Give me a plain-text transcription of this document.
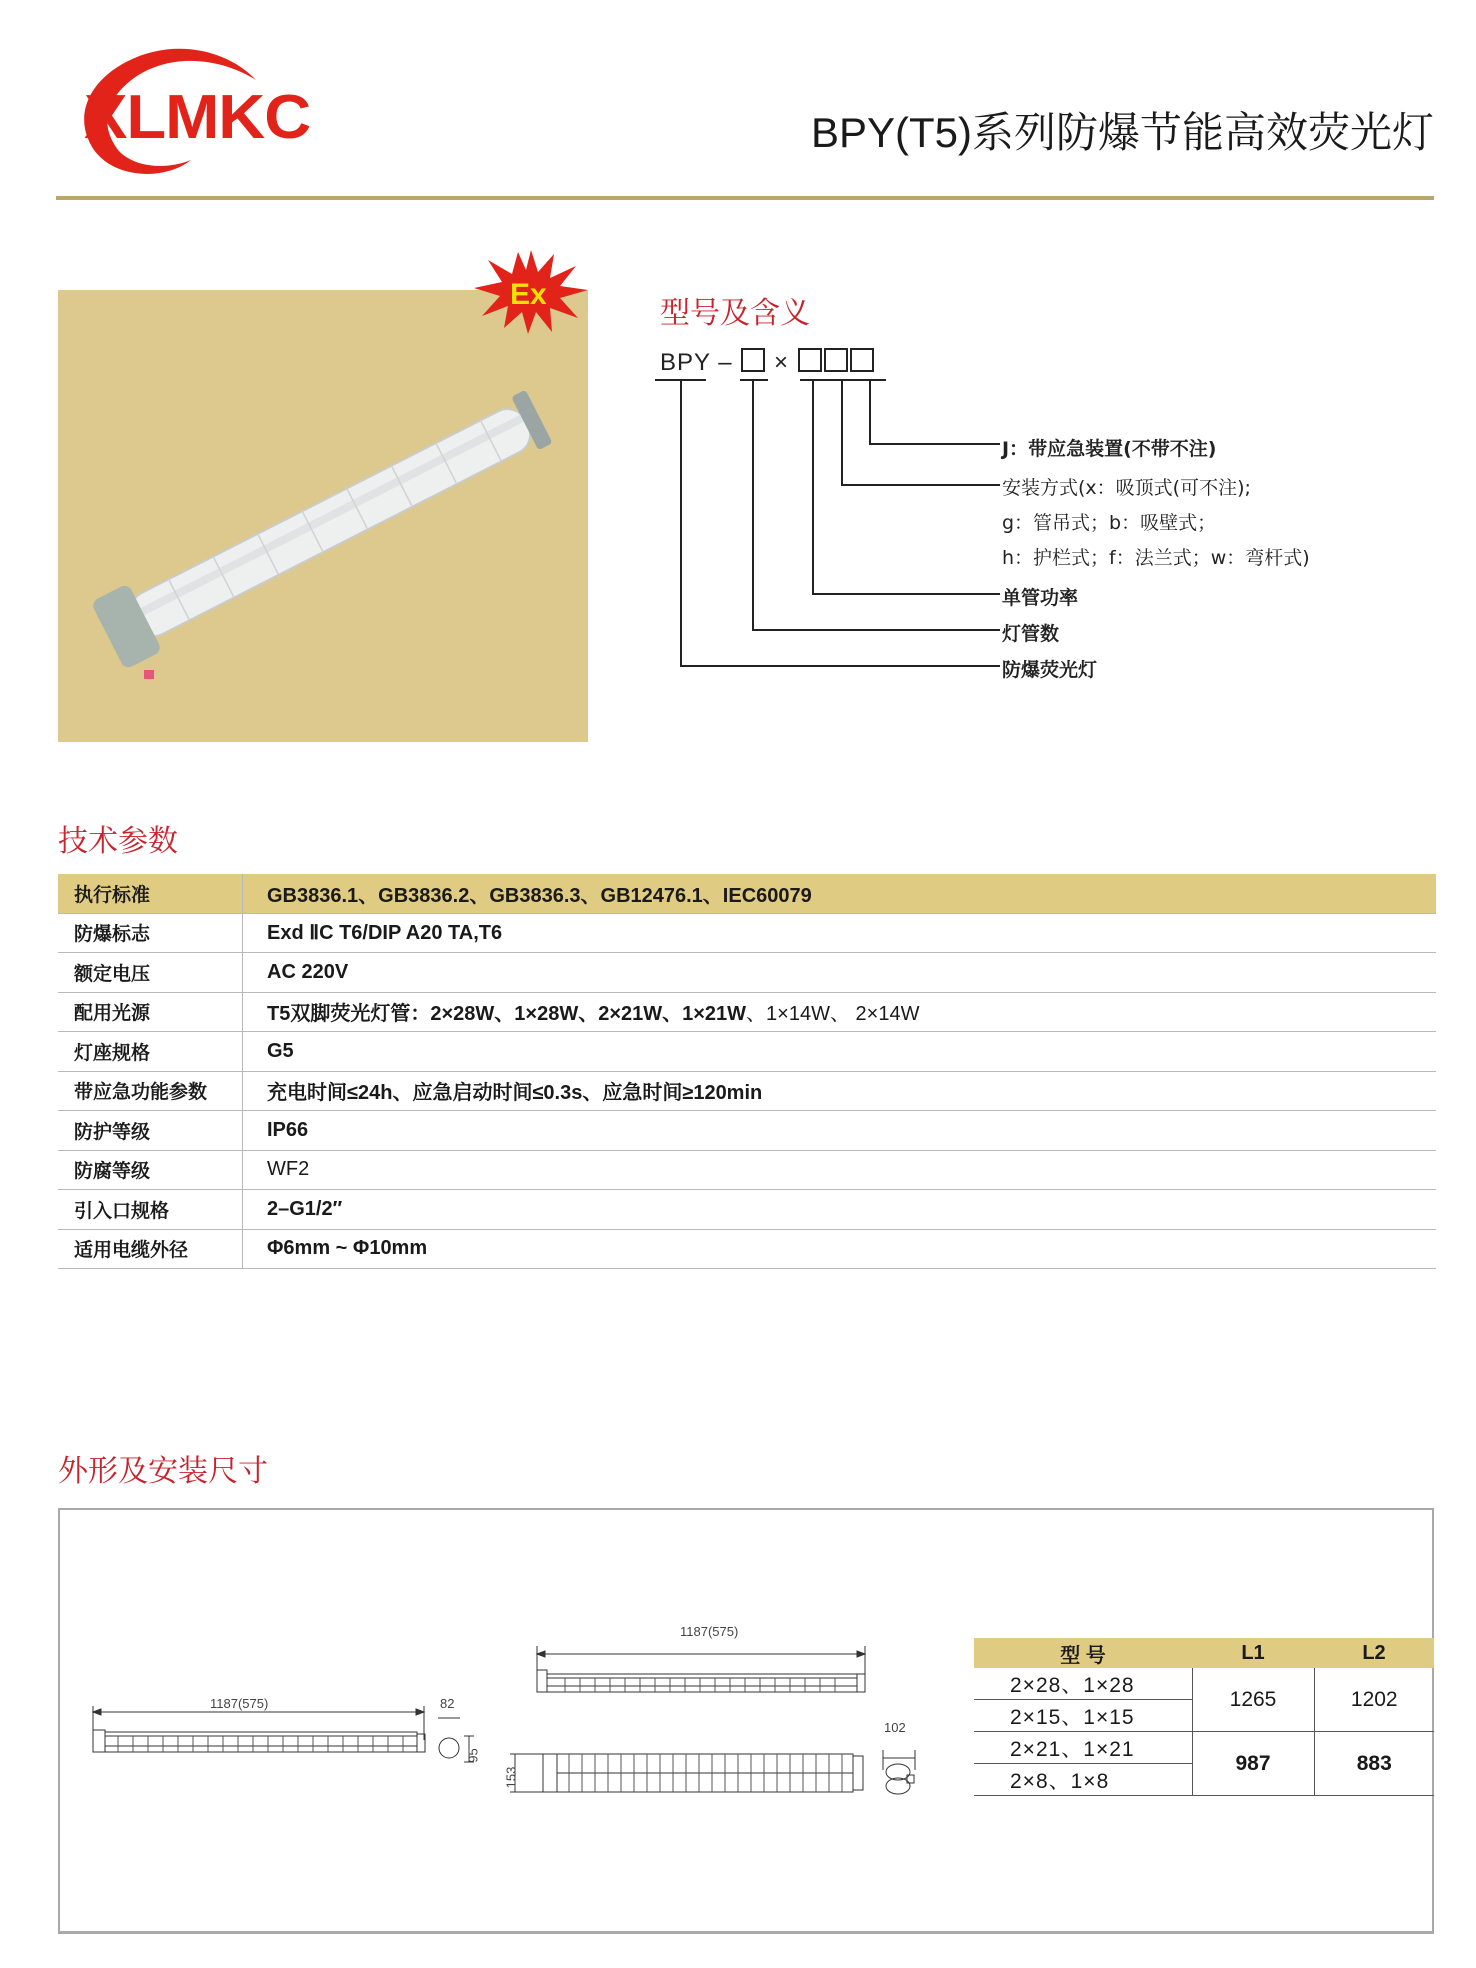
XLMKC	BPY(T5)系列防爆节能高效荧光灯
Ex
型号及含义
BPY – ×
J：带应急装置(不带不注)
安装方式(x：吸顶式(可不注);
g：管吊式；b：吸壁式；
h：护栏式；f：法兰式；w：弯杆式)
单管功率
灯管数
防爆荧光灯
技术参数
执行标准	GB3836.1、GB3836.2、GB3836.3、GB12476.1、IEC60079
防爆标志	Exd ⅡC T6/DIP A20 TA,T6
额定电压	AC 220V
配用光源	T5双脚荧光灯管：2×28W、1×28W、2×21W、1×21W、1×14W、 2×14W
灯座规格	G5
带应急功能参数	充电时间≤24h、应急启动时间≤0.3s、应急时间≥120min
防护等级	IP66
防腐等级	WF2
引入口规格	2–G1/2″
适用电缆外径	Φ6mm ~ Φ10mm
外形及安装尺寸
1187(575)	82
95
1187(575)
153
102
型 号	L1	L2
2×28、1×28	1265	1202
2×15、1×15		
2×21、1×21	987	883
2×8、1×8		
